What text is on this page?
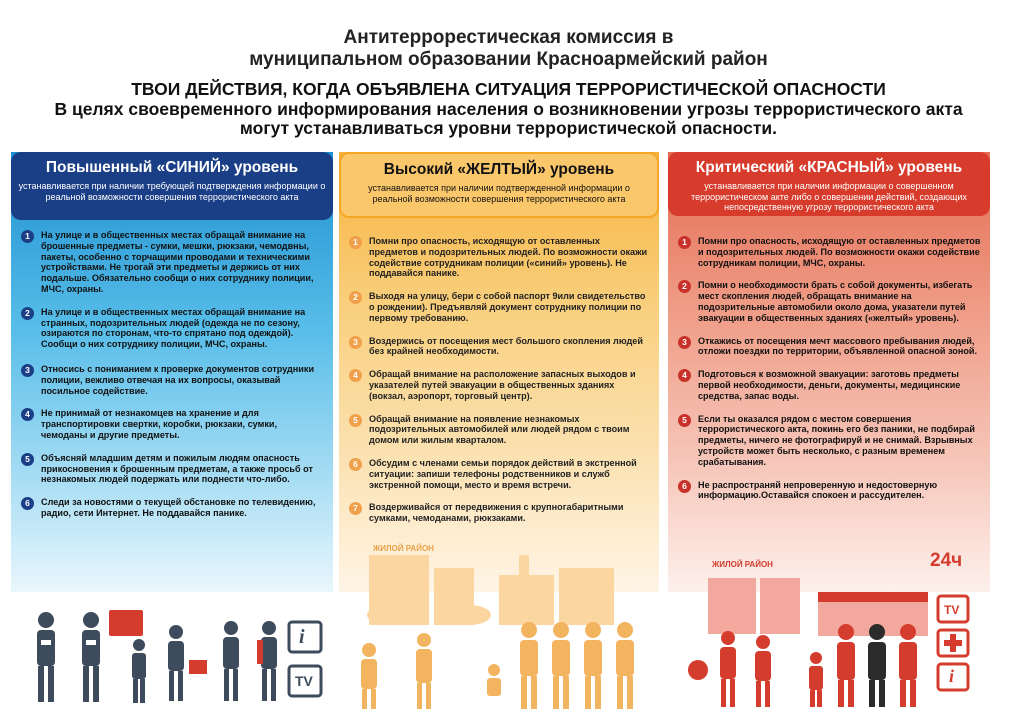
Антитеррорестическая комиссия в
муниципальном образовании Красноармейский район
ТВОИ ДЕЙСТВИЯ, КОГДА ОБЪЯВЛЕНА СИТУАЦИЯ ТЕРРОРИСТИЧЕСКОЙ ОПАСНОСТИ
В целях своевременного информирования населения о возникновении угрозы террористического акта
могут устанавливаться уровни террористической опасности.
Повышенный «СИНИЙ» уровень
устанавливается при наличии требующей подтверждения информации о реальной возможности совершения террористического акта
1	На улице и в общественных местах обращай внимание на брошенные предметы - сумки, мешки, рюкзаки, чемодвны, пакеты, особенно с торчащими проводами и техническими устройствами. Не трогай эти предметы и держись от них подальше. Обязательно сообщи о них сотруднику полиции, МЧС, охраны.
2	На улице и в общественных местах обращай внимание на странных, подозрительных людей (одежда не по сезону, озираются по сторонам, что-то спрятано под одеждой). Сообщи о них сотруднику полиции, МЧС, охраны.
3	Относись с пониманием к проверке документов сотрудники полиции, вежливо отвечая на их вопросы, оказывай посильное содействие.
4	Не принимай от незнакомцев на хранение и для транспортировки свертки, коробки, рюкзаки, сумки, чемоданы и другие предметы.
5	Объясняй младшим детям и пожилым людям опасность прикосновения к брошенным предметам, а также просьб от незнакомых людей подержать или поднести что-либо.
6	Следи за новостями о текущей обстановке по телевидению, радио, сети Интернет. Не поддавайся панике.
Высокий «ЖЕЛТЫЙ» уровень
устанавливается при наличии подтвержденной информации о реальной возможности совершения террористического акта
1	Помни про опасность, исходящую от оставленных предметов и подозрительных людей. По возможности окажи содействие сотрудникам полиции («синий» уровень). Не поддавайся панике.
2	Выходя на улицу, бери с собой паспорт 9или свидетельство о рождении). Предъявляй документ сотруднику полиции по первому требованию.
3	Воздержись от посещения мест большого скопления людей без крайней необходимости.
4	Обращай внимание на расположение запасных выходов и указателей путей эвакуации в общественных зданиях (вокзал, аэропорт, торговый центр).
5	Обращай внимание на появление незнакомых подозрительных автомобилей или людей рядом с твоим домом или жилым кварталом.
6	Обсудим с членами семьи порядок действий в экстренной ситуации: запиши телефоны родственников и служб экстренной помощи, место и время встречи.
7	Воздерживайся от передвижения с крупногабаритными сумками, чемоданами, рюкзаками.
Критический «КРАСНЫЙ» уровень
устанавливается при наличии информации о совершенном террористическом акте либо о совершении действий, создающих непосредственную угрозу террористического акта
1	Помни про опасность, исходящую от оставленных предметов и подозрительных людей. По возможности окажи содействие сотрудникам полиции, МЧС, охраны.
2	Помни о необходимости брать с собой документы, избегать мест скопления людей, обращать внимание на подозрительные автомобили около дома, указатели путей эвакуации в общественных зданиях («желтый» уровень).
3	Откажись от посещения мечт массового пребывания людей, отложи поездки по территории, объявленной опасной зоной.
4	Подготовься к возможной эвакуации: заготовь предметы первой необходимости, деньги, документы, медицинские средства, запас воды.
5	Если ты оказался рядом с местом совершения террористического акта, покинь его без паники, не подбирай предметы, ничего не фотографируй и не снимай. Взрывных устройств может быть несколько, с разным временем срабатывания.
6	Не распространяй непроверенную и недостоверную информацию.Оставайся спокоен и рассудителен.
i
TV
ЖИЛОЙ РАЙОН
ЖИЛОЙ РАЙОН	24ч
TV
i
